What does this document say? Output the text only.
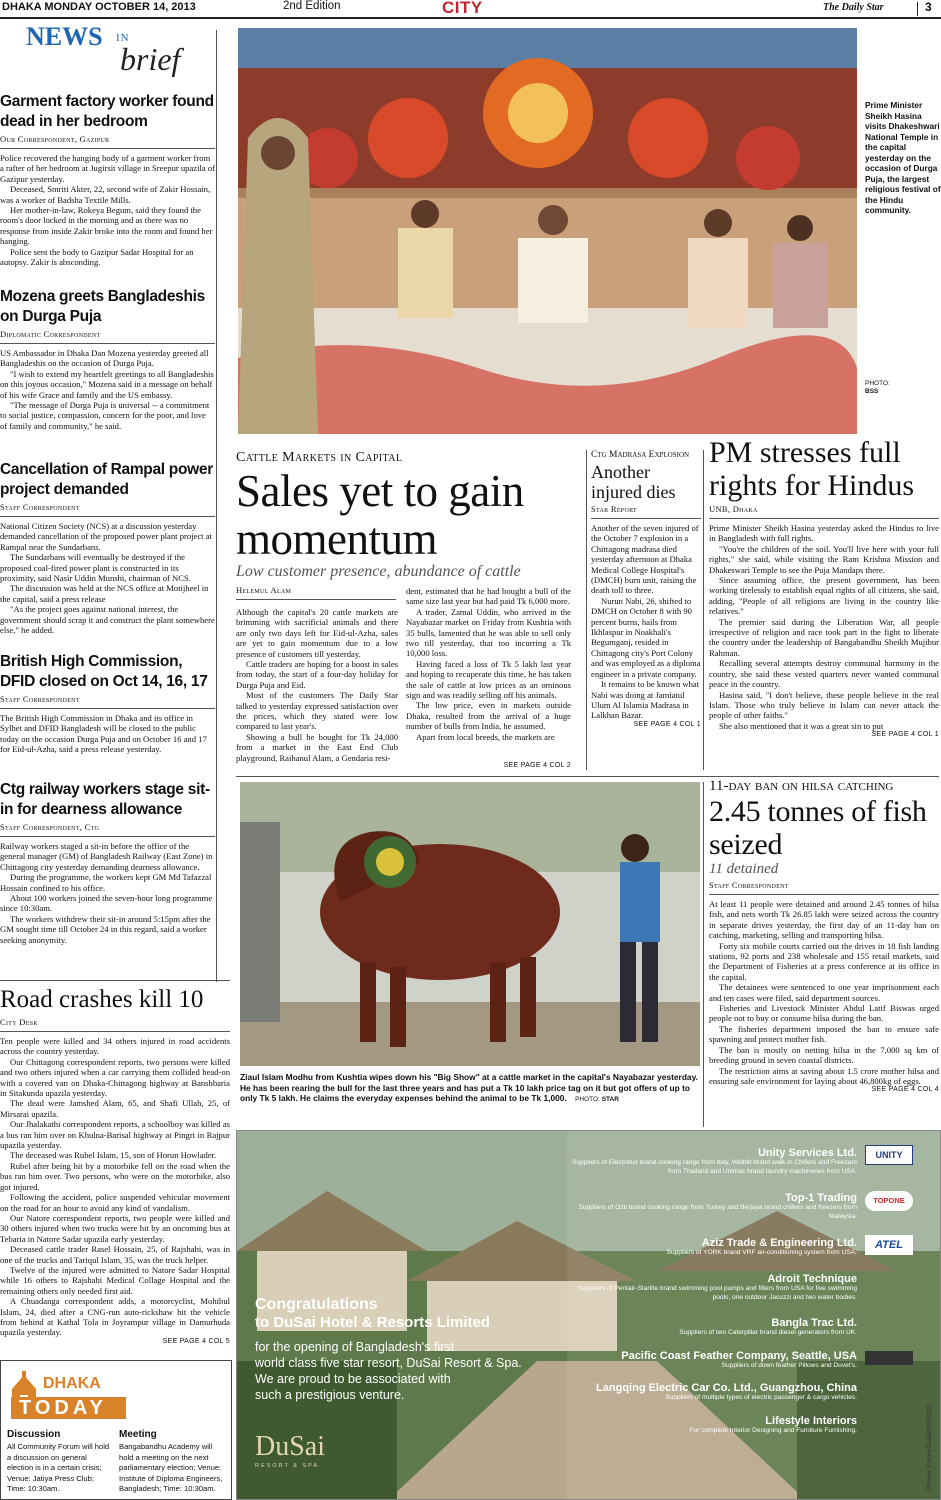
DHAKA MONDAY OCTOBER 14, 2013	2nd Edition	CITY	The Daily Star	3
NEWS IN
brief
Garment factory worker found dead in her bedroom
Our Correspondent, Gazipur

Police recovered the hanging body of a garment worker from a rafter of her bedroom at Jugirsit village in Sreepur upazila of Gazipur yesterday.

Deceased, Smriti Akter, 22, second wife of Zakir Hossain, was a worker of Badsha Textile Mills.

Her mother-in-law, Rokeya Begum, said they found the room's door locked in the morning and as there was no response from inside Zakir broke into the room and found her hanging.

Police sent the body to Gazipur Sadar Hospital for an autopsy. Zakir is absconding.

Mozena greets Bangladeshis on Durga Puja
Diplomatic Correspondent

US Ambassador in Dhaka Dan Mozena yesterday greeted all Bangladeshis on the occasion of Durga Puja.

"I wish to extend my heartfelt greetings to all Bangladeshis on this joyous occasion," Mozena said in a message on behalf of his wife Grace and family and the US embassy.

"The message of Durga Puja is universal -- a commitment to social justice, compassion, concern for the poor, and love of family and community," he said.

Cancellation of Rampal power project demanded
Staff Correspondent

National Citizen Society (NCS) at a discussion yesterday demanded cancellation of the proposed power plant project at Rampal near the Sundarbans.

The Sundarbans will eventually be destroyed if the proposed coal-fired power plant is constructed in its proximity, said Nasir Uddin Munshi, chairman of NCS.

The discussion was held at the NCS office at Motijheel in the capital, said a press release

"As the project goes against national interest, the government should scrap it and construct the plant somewhere else," he added.

British High Commission, DFID closed on Oct 14, 16, 17
Staff Correspondent

The British High Commission in Dhaka and its office in Sylhet and DFID Bangladesh will be closed to the public today on the occasion Durga Puja and on October 16 and 17 for Eid-ul-Azha, said a press release yesterday.

Ctg railway workers stage sit-in for dearness allowance
Staff Correspondent, Ctg

Railway workers staged a sit-in before the office of the general manager (GM) of Bangladesh Railway (East Zone) in Chittagong city yesterday demanding dearness allowance.

During the programme, the workers kept GM Md Tafazzal Hossain confined to his office.

About 100 workers joined the seven-hour long programme since 10:30am.

The workers withdrew their sit-in around 5:15pm after the GM sought time till October 24 in this regard, said a worker seeking anonymity.

Road crashes kill 10
City Desk

Ten people were killed and 34 others injured in road accidents across the country yesterday.

Our Chittagong correspondent reports, two persons were killed and two others injured when a car carrying them collided head-on with a covered van on Dhaka-Chittagong highway at Banshbaria in Sitakunda upazila yesterday.

The dead were Jamshed Alam, 65, and Shafi Ullah, 25, of Mirsarai upazila.

Our Jhalakathi correspondent reports, a schoolboy was killed as a bus ran him over on Khulna-Barisal highway at Pingri in Rajpur upazila yesterday.

The deceased was Rubel Islam, 15, son of Horun Howlader.

Rubel after being hit by a motorbike fell on the road when the bus ran him over. Two persons, who were on the motorbike, also got injured.

Following the accident, police suspended vehicular movement on the road for an hour to avoid any kind of vandalism.

Our Natore correspondent reports, two people were killed and 30 others injured when two trucks were hit by an oncoming bus at Tebaria in Natore Sadar upazila early yesterday.

Deceased cattle trader Rasel Hossain, 25, of Rajshahi, was in one of the trucks and Tariqul Islam, 35, was the truck helper.

Twelve of the injured were admitted to Natore Sadar Hospital while 16 others to Rajshahi Medical Collage Hospital and the remaining others only needed first aid.

A Chuadanga correspondent adds, a motorcyclist, Mohibul Islam, 24, died after a CNG-run auto-rickshaw hit the vehicle from behind at Kathal Tola in Joyrampur village in Damurhuda upazila yesterday.

SEE PAGE 4 COL 5
DHAKA
TODAY
Discussion
All Community Forum will hold a discussion on general election is in a certain crisis; Venue: Jatiya Press Club; Time: 10:30am.
Meeting
Bangabandhu Academy will hold a meeting on the next parliamentary election; Venue: Institute of Diploma Engineers, Bangladesh; Time: 10:30am.
Prime Minister Sheikh Hasina visits Dhakeshwari National Temple in the capital yesterday on the occasion of Durga Puja, the largest religious festival of the Hindu community.
PHOTO:
BSS
Cattle Markets in Capital
Sales yet to gain momentum
Low customer presence, abundance of cattle
Helemul Alam

Although the capital's 20 cattle markets are brimming with sacrificial animals and there are only two days left for Eid-ul-Azha, sales are yet to gain momentum due to a low presence of customers till yesterday.

Cattle traders are hoping for a boost in sales from today, the start of a four-day holiday for Durga Puja and Eid.

Most of the customers The Daily Star talked to yesterday expressed satisfaction over the prices, which they stated were low compared to last year's.

Showing a bull he bought for Tk 24,000 from a market in the East End Club playground, Raihanul Alam, a Gendaria resi-

dent, estimated that he had bought a bull of the same size last year but had paid Tk 6,000 more.

A trader, Zamal Uddin, who arrived in the Nayabazar market on Friday from Kushtia with 35 bulls, lamented that he was able to sell only two till yesterday, that too incurring a Tk 10,000 loss.

Having faced a loss of Tk 5 lakh last year and hoping to recuperate this time, he has taken the sale of cattle at low prices as an ominous sign and was readily selling off his animals.

The low price, even in markets outside Dhaka, resulted from the arrival of a huge number of bulls from India, he assumed.

Apart from local breeds, the markets are

SEE PAGE 4 COL 2
Ctg Madrasa Explosion
Another injured dies
Star Report

Another of the seven injured of the October 7 explosion in a Chittagong madrasa died yesterday afternoon at Dhaka Medical College Hospital's (DMCH) burn unit, raising the death toll to three.

Nurun Nabi, 26, shifted to DMCH on October 8 with 90 percent burns, hails from Ikhlaspur in Noakhali's Begumganj, resided in Chittagong city's Port Colony and was employed as a diploma engineer in a private company.

It remains to be known what Nabi was doing at Jamiatul Ulum Al Islamia Madrasa in Lalkhan Bazar.

SEE PAGE 4 COL 1
PM stresses full rights for Hindus
UNB, Dhaka

Prime Minister Sheikh Hasina yesterday asked the Hindus to live in Bangladesh with full rights.

"You're the children of the soil. You'll live here with your full rights," she said, while visiting the Ram Krishna Mission and Dhakeswari Temple to see the Puja Mandaps there.

Since assuming office, the present government, has been working tirelessly to establish equal rights of all citizens, she said, adding, "People of all religions are living in the country like relatives."

The premier said during the Liberation War, all people irrespective of religion and race took part in the fight to liberate the country under the leadership of Bangabandhu Sheikh Mujibur Rahman.

Recalling several attempts destroy communal harmony in the country, she said these vested quarters never wanted communal peace in the country.

Hasina said, "I don't believe, these people believe in the real Islam. Those who truly believe in Islam can never attack the people of other faiths."

She also mentioned that it was a great sin to put

SEE PAGE 4 COL 1
Ziaul Islam Modhu from Kushtia wipes down his "Big Show" at a cattle market in the capital's Nayabazar yesterday. He has been rearing the bull for the last three years and has put a Tk 10 lakh price tag on it but got offers of up to only Tk 5 lakh. He claims the everyday expenses behind the animal to be Tk 1,000. PHOTO: STAR
11-day ban on hilsa catching
2.45 tonnes of fish seized
11 detained
Staff Correspondent

At least 11 people were detained and around 2.45 tonnes of hilsa fish, and nets worth Tk 26.85 lakh were seized across the country in separate drives yesterday, the first day of an 11-day ban on catching, marketing, selling and transporting hilsa.

Forty six mobile courts carried out the drives in 18 fish landing stations, 92 ports and 238 wholesale and 155 retail markets, said the Department of Fisheries at a press conference at its office in the capital.

The detainees were sentenced to one year imprisonment each and ten cases were filed, said department sources.

Fisheries and Livestock Minister Abdul Latif Biswas urged people not to buy or consume hilsa during the ban.

The fisheries department imposed the ban to ensure safe spawning and protect mother fish.

The ban is mostly on netting hilsa in the 7,000 sq km of breeding ground in seven coastal districts.

The restriction aims at saving about 1.5 crore mother hilsa and ensuring safe environment for laying about 46,800kg of eggs.

SEE PAGE 4 COL 4
Congratulations
to DuSai Hotel & Resorts Limited
for the opening of Bangladesh's first
world class five star resort, DuSai Resort & Spa.
We are proud to be associated with
such a prestigious venture.
DuSai
RESORT & SPA
Unity Services Ltd.
Suppliers of Electrolux brand cooking range from Italy, Welbilt brand walk-in Chillers and Freezers from Thailand and Unimac brand laundry machineries from USA.
Top-1 Trading
Suppliers of Ozti brand cooking range from Turkey and Berjaya brand chillers and freezers from Malaysia.
Aziz Trade & Engineering Ltd.
Suppliers of YORK brand VRF air-conditioning system from USA.
Adroit Technique
Suppliers of Pentair-Starlite brand swimming pool pumps and filters from USA for five swimming pools, one outdoor Jacuzzi and two water bodies.
Bangla Trac Ltd.
Suppliers of two Caterpillar brand diesel generators from UK.
Pacific Coast Feather Company, Seattle, USA
Suppliers of down feather Pillows and Duvet's.
Langqing Electric Car Co. Ltd., Guangzhou, China
Suppliers of multiple types of electric passenger & cargo vehicles.
Lifestyle Interiors
For complete Interior Designing and Furniture Furnishing.
UNITY
TOPONE
ATEL
Phoenix Comm/DuSai/004/2013
